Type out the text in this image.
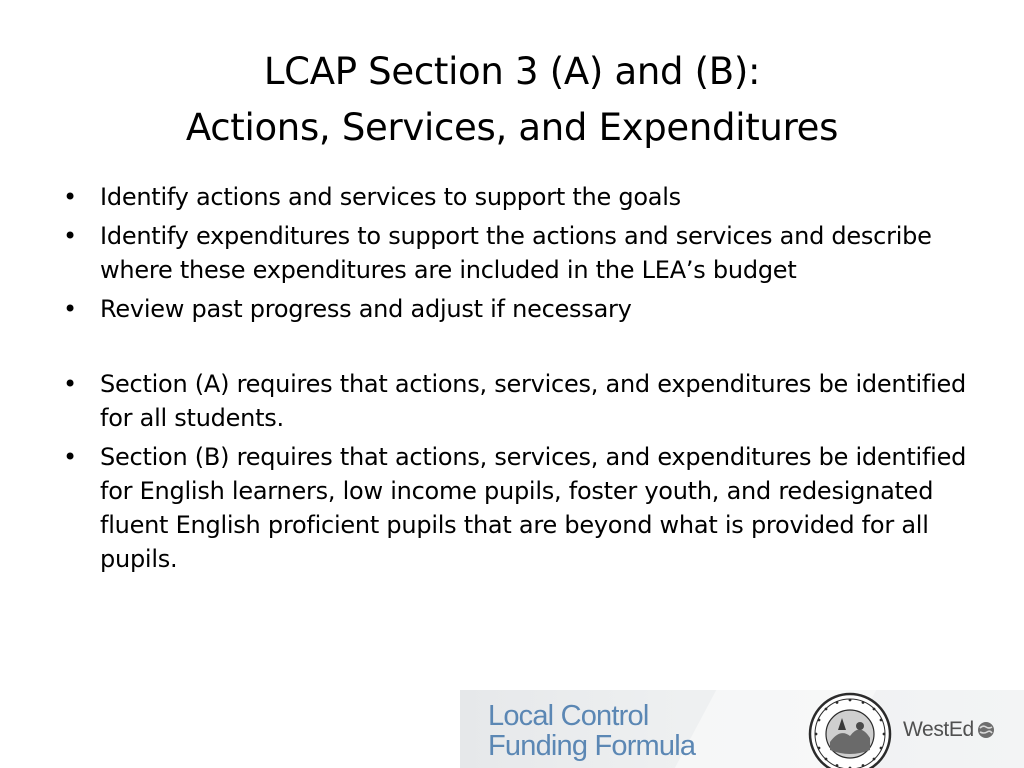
LCAP Section 3 (A) and (B):
Actions, Services, and Expenditures
• Identify actions and services to support the goals
• Identify expenditures to support the actions and services and describe where these expenditures are included in the LEA’s budget
• Review past progress and adjust if necessary
• Section (A) requires that actions, services, and expenditures be identified for all students.
• Section (B) requires that actions, services, and expenditures be identified for English learners, low income pupils, foster youth, and redesignated fluent English proficient pupils that are beyond what is provided for all pupils.
Local Control
Funding Formula
WestEd
